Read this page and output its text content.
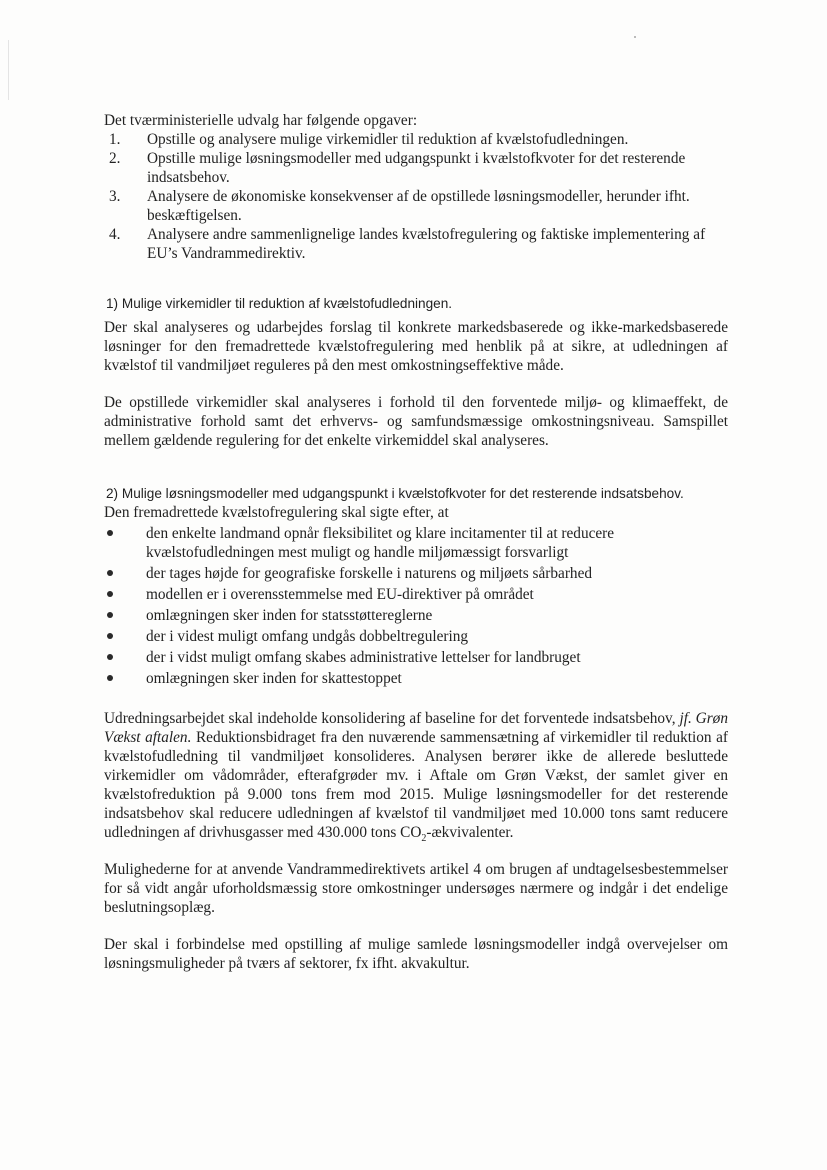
Det tværministerielle udvalg har følgende opgaver:
1. Opstille og analysere mulige virkemidler til reduktion af kvælstofudledningen.
2. Opstille mulige løsningsmodeller med udgangspunkt i kvælstofkvoter for det resterende indsatsbehov.
3. Analysere de økonomiske konsekvenser af de opstillede løsningsmodeller, herunder ifht. beskæftigelsen.
4. Analysere andre sammenlignelige landes kvælstofregulering og faktiske implementering af EU’s Vandrammedirektiv.
1) Mulige virkemidler til reduktion af kvælstofudledningen.
Der skal analyseres og udarbejdes forslag til konkrete markedsbaserede og ikke-markedsbaserede løsninger for den fremadrettede kvælstofregulering med henblik på at sikre, at udledningen af kvælstof til vandmiljøet reguleres på den mest omkostningseffektive måde.
De opstillede virkemidler skal analyseres i forhold til den forventede miljø- og klimaeffekt, de administrative forhold samt det erhvervs- og samfundsmæssige omkostningsniveau. Samspillet mellem gældende regulering for det enkelte virkemiddel skal analyseres.
2) Mulige løsningsmodeller med udgangspunkt i kvælstofkvoter for det resterende indsatsbehov.
Den fremadrettede kvælstofregulering skal sigte efter, at
den enkelte landmand opnår fleksibilitet og klare incitamenter til at reducere kvælstofudledningen mest muligt og handle miljømæssigt forsvarligt
der tages højde for geografiske forskelle i naturens og miljøets sårbarhed
modellen er i overensstemmelse med EU-direktiver på området
omlægningen sker inden for statsstøttereglerne
der i videst muligt omfang undgås dobbeltregulering
der i vidst muligt omfang skabes administrative lettelser for landbruget
omlægningen sker inden for skattestoppet
Udredningsarbejdet skal indeholde konsolidering af baseline for det forventede indsatsbehov, jf. Grøn Vækst aftalen. Reduktionsbidraget fra den nuværende sammensætning af virkemidler til reduktion af kvælstofudledning til vandmiljøet konsolideres. Analysen berører ikke de allerede besluttede virkemidler om vådområder, efterafgrøder mv. i Aftale om Grøn Vækst, der samlet giver en kvælstofreduktion på 9.000 tons frem mod 2015. Mulige løsningsmodeller for det resterende indsatsbehov skal reducere udledningen af kvælstof til vandmiljøet med 10.000 tons samt reducere udledningen af drivhusgasser med 430.000 tons $CO_2$-ækvivalenter.
Mulighederne for at anvende Vandrammedirektivets artikel 4 om brugen af undtagelsesbestemmelser for så vidt angår uforholdsmæssig store omkostninger undersøges nærmere og indgår i det endelige beslutningsoplæg.
Der skal i forbindelse med opstilling af mulige samlede løsningsmodeller indgå overvejelser om løsningsmuligheder på tværs af sektorer, fx ifht. akvakultur.
